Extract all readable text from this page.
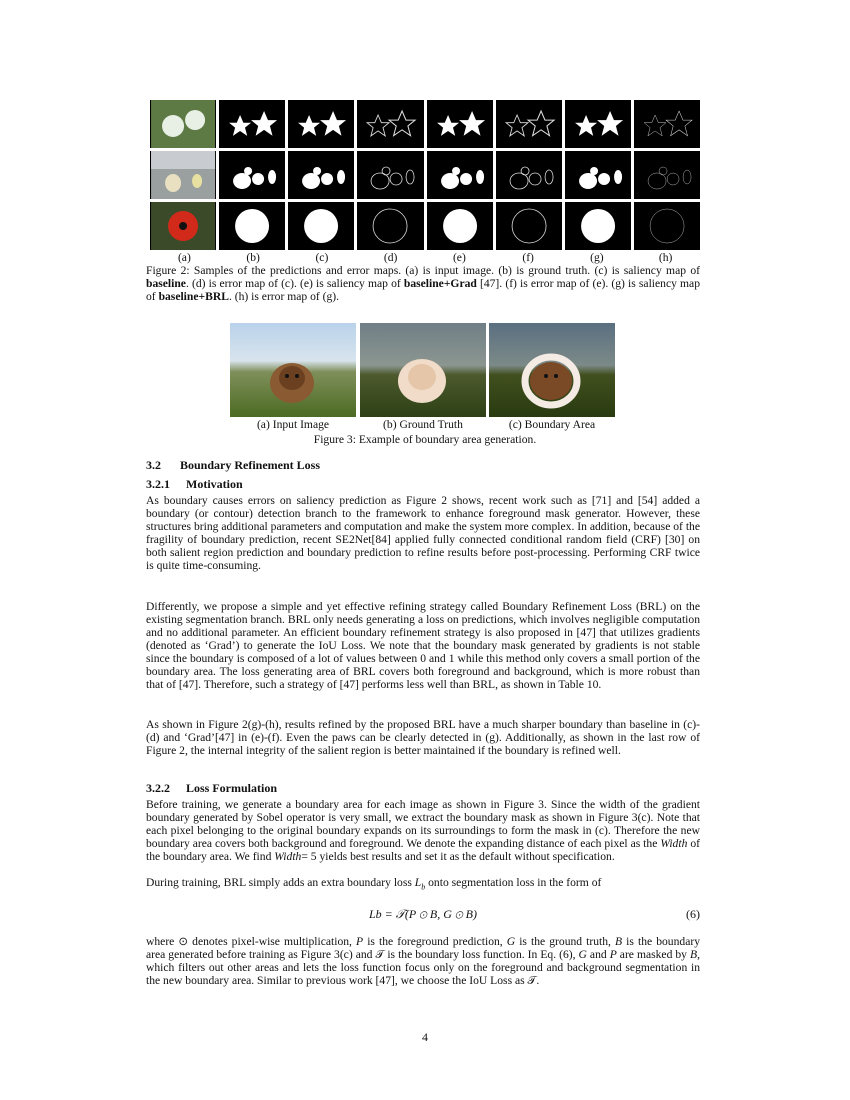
(a)	(b)	(c)	(d)	(e)	(f)	(g)	(h)
Figure 2: Samples of the predictions and error maps. (a) is input image. (b) is ground truth. (c) is saliency map of baseline. (d) is error map of (c). (e) is saliency map of baseline+Grad [47]. (f) is error map of (e). (g) is saliency map of baseline+BRL. (h) is error map of (g).
(a) Input Image	(b) Ground Truth	(c) Boundary Area
Figure 3: Example of boundary area generation.
3.2 Boundary Refinement Loss
3.2.1 Motivation
As boundary causes errors on saliency prediction as Figure 2 shows, recent work such as [71] and [54] added a boundary (or contour) detection branch to the framework to enhance foreground mask generator. However, these structures bring additional parameters and computation and make the system more complex. In addition, because of the fragility of boundary prediction, recent SE2Net[84] applied fully connected conditional random field (CRF) [30] on both salient region prediction and boundary prediction to refine results before post-processing. Performing CRF twice is quite time-consuming.
Differently, we propose a simple and yet effective refining strategy called Boundary Refinement Loss (BRL) on the existing segmentation branch. BRL only needs generating a loss on predictions, which involves negligible computation and no additional parameter. An efficient boundary refinement strategy is also proposed in [47] that utilizes gradients (denoted as ‘Grad’) to generate the IoU Loss. We note that the boundary mask generated by gradients is not stable since the boundary is composed of a lot of values between 0 and 1 while this method only covers a small portion of the boundary area. The loss generating area of BRL covers both foreground and background, which is more robust than that of [47]. Therefore, such a strategy of [47] performs less well than BRL, as shown in Table 10.
As shown in Figure 2(g)-(h), results refined by the proposed BRL have a much sharper boundary than baseline in (c)-(d) and ‘Grad’[47] in (e)-(f). Even the paws can be clearly detected in (g). Additionally, as shown in the last row of Figure 2, the internal integrity of the salient region is better maintained if the boundary is refined well.
3.2.2 Loss Formulation
Before training, we generate a boundary area for each image as shown in Figure 3. Since the width of the gradient boundary generated by Sobel operator is very small, we extract the boundary mask as shown in Figure 3(c). Note that each pixel belonging to the original boundary expands on its surroundings to form the mask in (c). Therefore the new boundary area covers both background and foreground. We denote the expanding distance of each pixel as the Width of the boundary area. We find Width= 5 yields best results and set it as the default without specification.
During training, BRL simply adds an extra boundary loss $L_b$ onto segmentation loss in the form of
Lb = 𝒯(P ⊙ B, G ⊙ B)	(6)
where ⊙ denotes pixel-wise multiplication, P is the foreground prediction, G is the ground truth, B is the boundary area generated before training as Figure 3(c) and 𝒯 is the boundary loss function. In Eq. (6), G and P are masked by B, which filters out other areas and lets the loss function focus only on the foreground and background segmentation in the new boundary area. Similar to previous work [47], we choose the IoU Loss as 𝒯.
4
